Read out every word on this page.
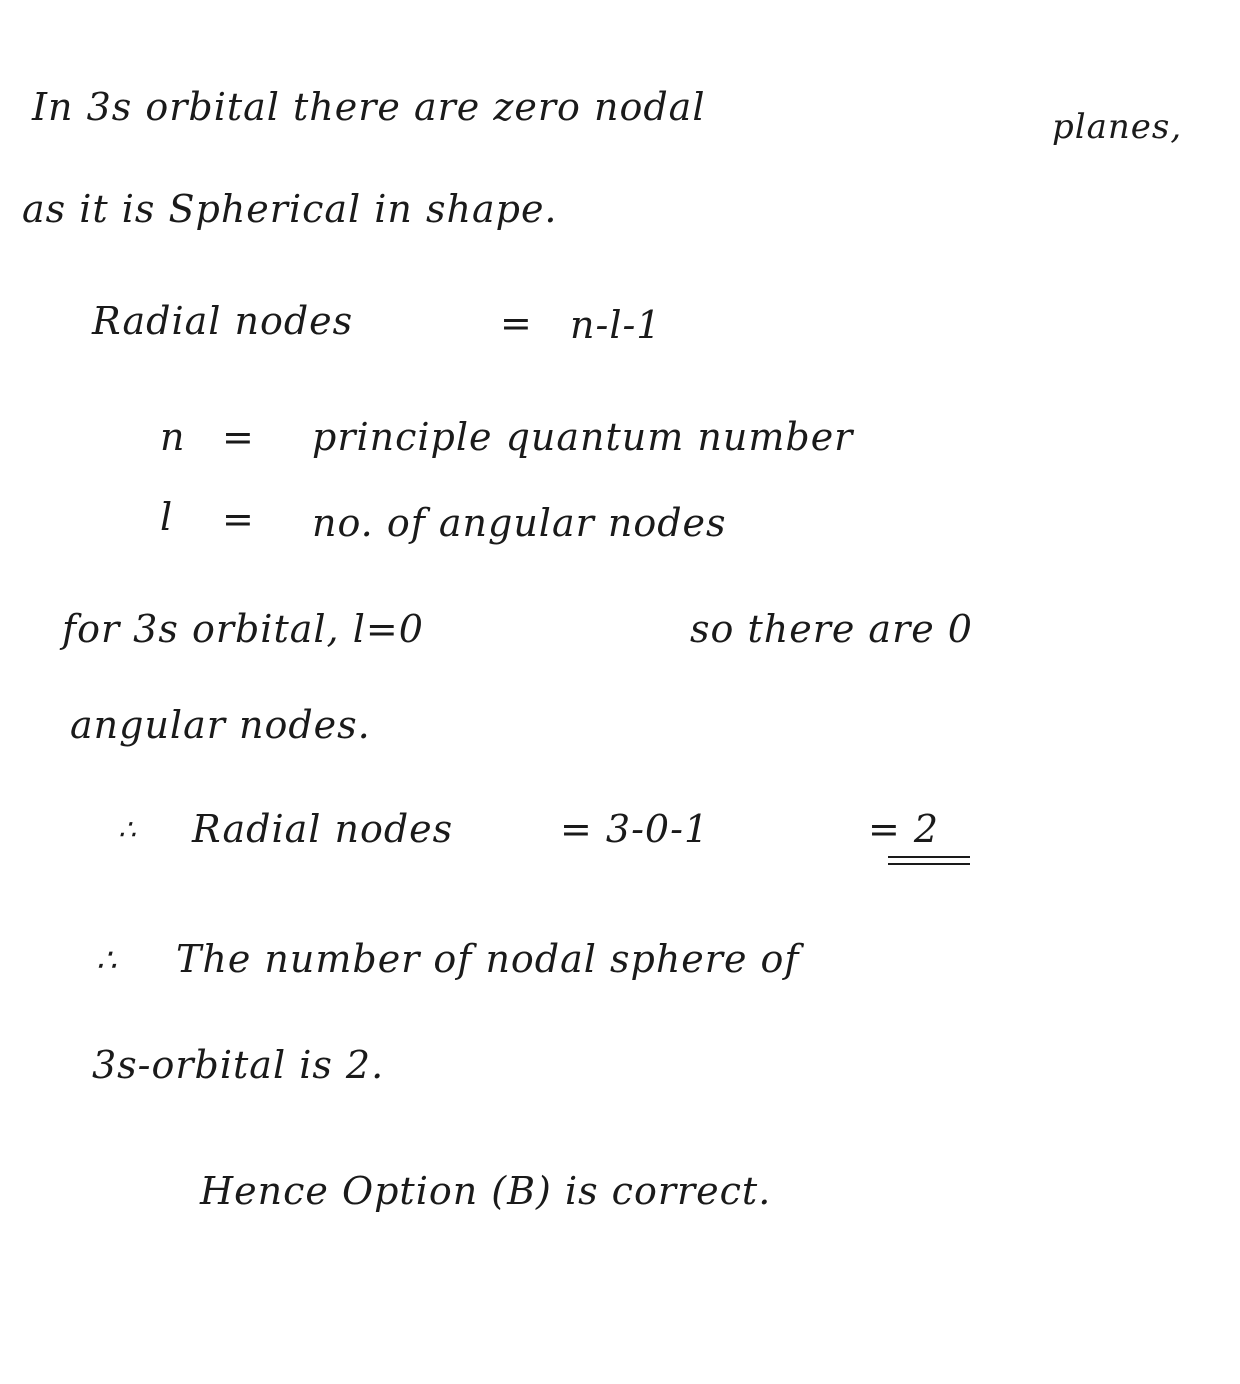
In 3s orbital there are zero nodal	planes,
as it is Spherical in shape.
Radial nodes	= n-l-1
n = principle quantum number
l = no. of angular nodes
for 3s orbital, l=0	so there are 0
angular nodes.
∴ Radial nodes	= 3-0-1	= 2
∴ The number of nodal sphere of
3s-orbital is 2.
Hence Option (B) is correct.
